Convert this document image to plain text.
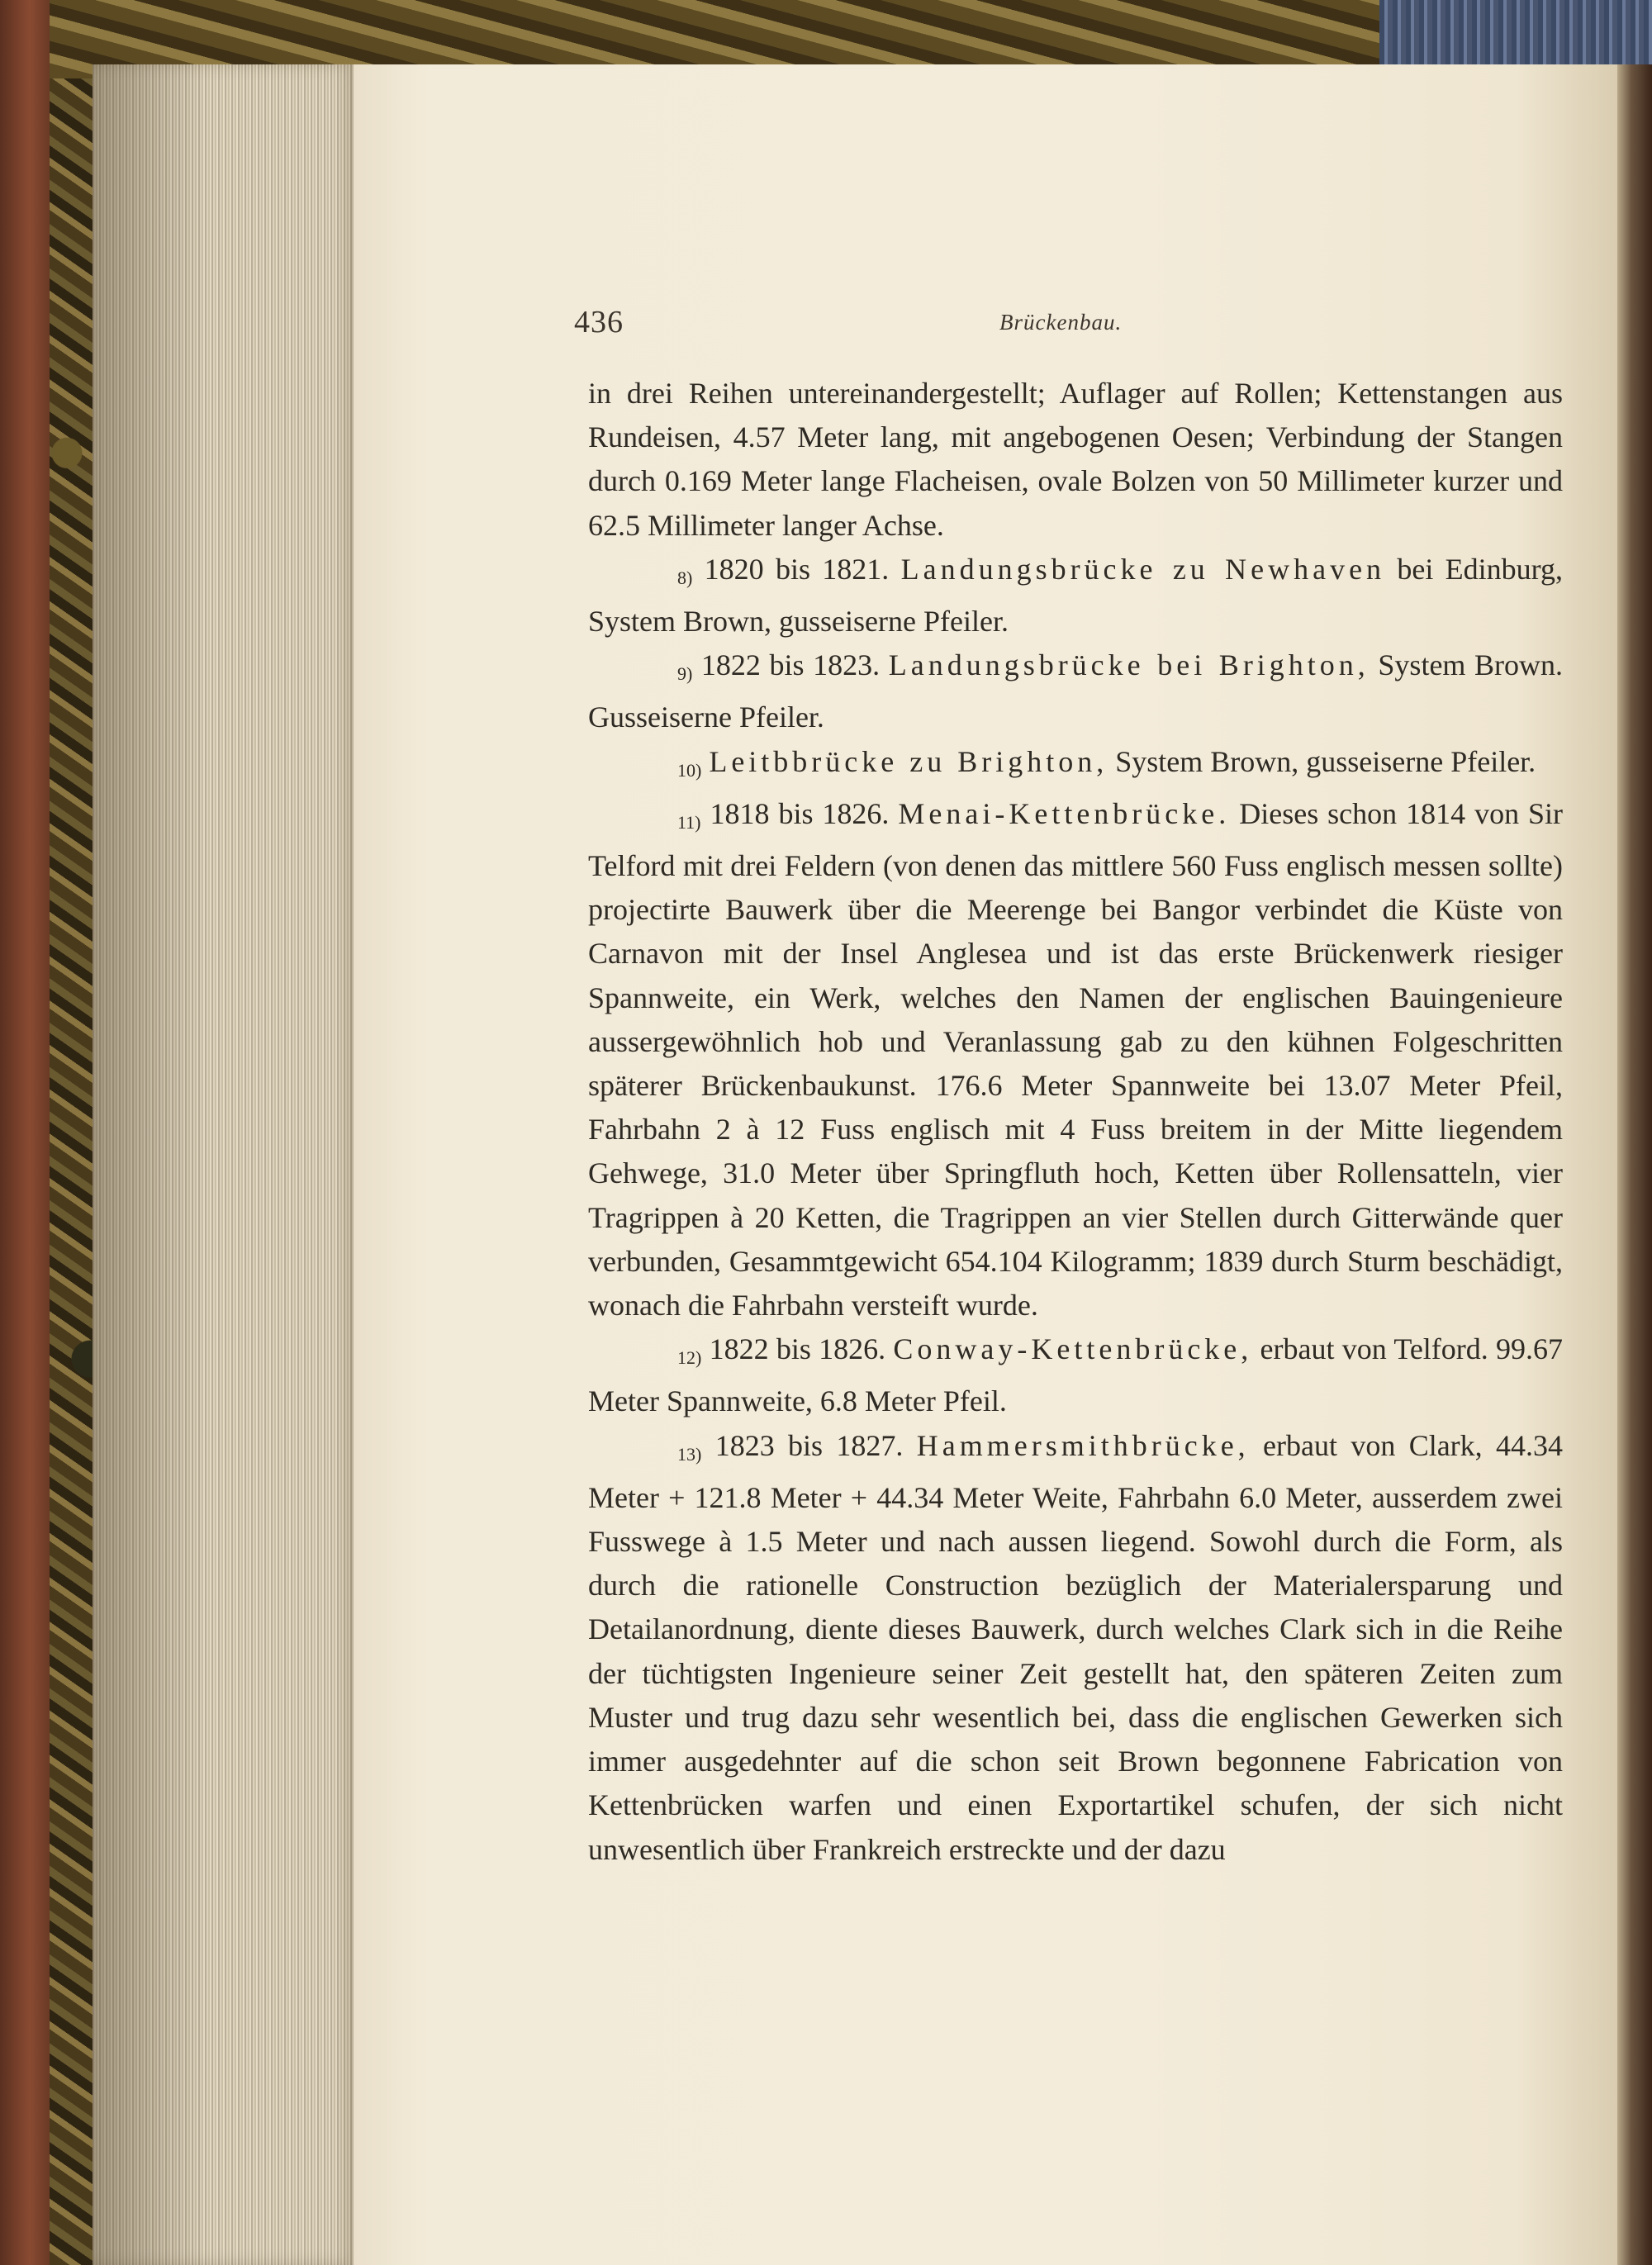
436	Brückenbau.

in drei Reihen untereinandergestellt; Auflager auf Rollen; Kettenstangen aus Rundeisen, 4.57 Meter lang, mit angebogenen Oesen; Verbindung der Stangen durch 0.169 Meter lange Flacheisen, ovale Bolzen von 50 Millimeter kurzer und 62.5 Millimeter langer Achse.

8) 1820 bis 1821. Landungsbrücke zu Newhaven bei Edinburg, System Brown, gusseiserne Pfeiler.

9) 1822 bis 1823. Landungsbrücke bei Brighton, System Brown. Gusseiserne Pfeiler.

10) Leitbbrücke zu Brighton, System Brown, gusseiserne Pfeiler.

11) 1818 bis 1826. Menai-Kettenbrücke. Dieses schon 1814 von Sir Telford mit drei Feldern (von denen das mittlere 560 Fuss englisch messen sollte) projectirte Bauwerk über die Meerenge bei Bangor verbindet die Küste von Carnavon mit der Insel Anglesea und ist das erste Brückenwerk riesiger Spannweite, ein Werk, welches den Namen der englischen Bauingenieure aussergewöhnlich hob und Veranlassung gab zu den kühnen Folgeschritten späterer Brückenbaukunst. 176.6 Meter Spannweite bei 13.07 Meter Pfeil, Fahrbahn 2 à 12 Fuss englisch mit 4 Fuss breitem in der Mitte liegendem Gehwege, 31.0 Meter über Springfluth hoch, Ketten über Rollensatteln, vier Tragrippen à 20 Ketten, die Tragrippen an vier Stellen durch Gitterwände quer verbunden, Gesammtgewicht 654.104 Kilogramm; 1839 durch Sturm beschädigt, wonach die Fahrbahn versteift wurde.

12) 1822 bis 1826. Conway-Kettenbrücke, erbaut von Telford. 99.67 Meter Spannweite, 6.8 Meter Pfeil.

13) 1823 bis 1827. Hammersmithbrücke, erbaut von Clark, 44.34 Meter + 121.8 Meter + 44.34 Meter Weite, Fahrbahn 6.0 Meter, ausserdem zwei Fusswege à 1.5 Meter und nach aussen liegend. Sowohl durch die Form, als durch die rationelle Construction bezüglich der Materialersparung und Detailanordnung, diente dieses Bauwerk, durch welches Clark sich in die Reihe der tüchtigsten Ingenieure seiner Zeit gestellt hat, den späteren Zeiten zum Muster und trug dazu sehr wesentlich bei, dass die englischen Gewerken sich immer ausgedehnter auf die schon seit Brown begonnene Fabrication von Kettenbrücken warfen und einen Exportartikel schufen, der sich nicht unwesentlich über Frankreich erstreckte und der dazu
